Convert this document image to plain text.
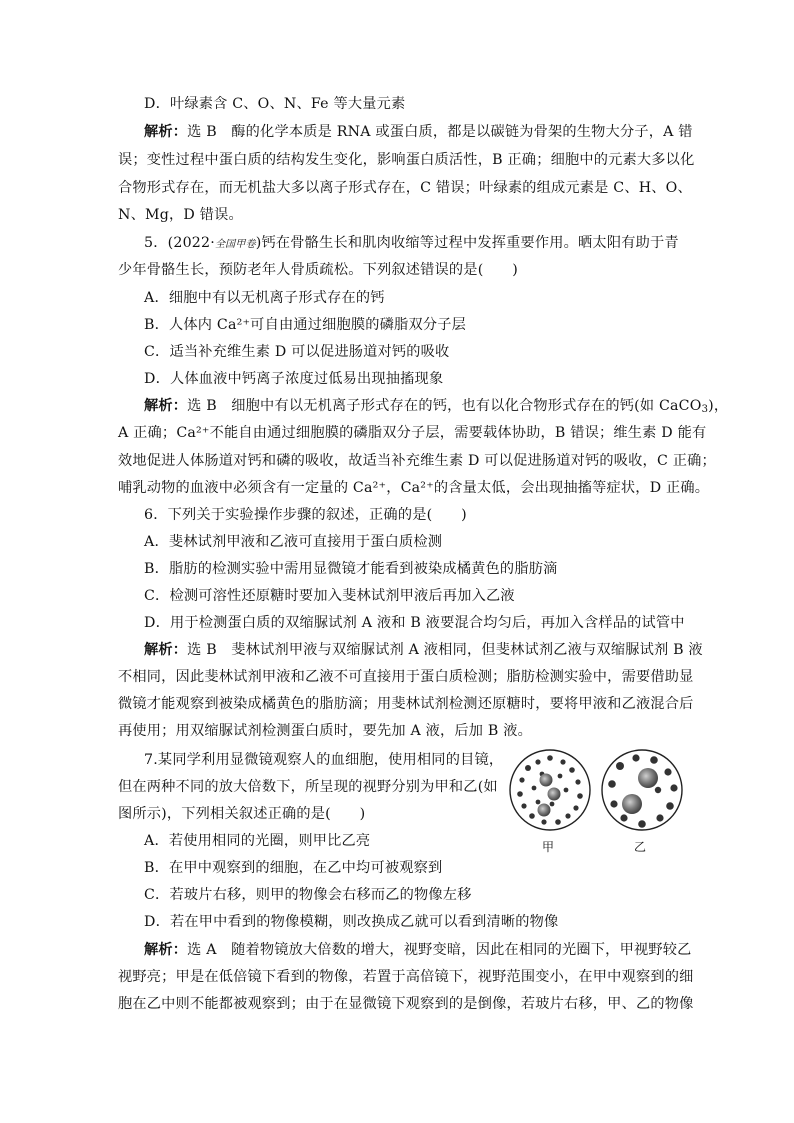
D．叶绿素含 C、O、N、Fe 等大量元素
解析：选 B　酶的化学本质是 RNA 或蛋白质，都是以碳链为骨架的生物大分子，A 错
误；变性过程中蛋白质的结构发生变化，影响蛋白质活性，B 正确；细胞中的元素大多以化
合物形式存在，而无机盐大多以离子形式存在，C 错误；叶绿素的组成元素是 C、H、O、
N、Mg，D 错误。
5．(2022·全国甲卷)钙在骨骼生长和肌肉收缩等过程中发挥重要作用。晒太阳有助于青
少年骨骼生长，预防老年人骨质疏松。下列叙述错误的是(　　)
A．细胞中有以无机离子形式存在的钙
B．人体内 Ca²⁺可自由通过细胞膜的磷脂双分子层
C．适当补充维生素 D 可以促进肠道对钙的吸收
D．人体血液中钙离子浓度过低易出现抽搐现象
解析：选 B　细胞中有以无机离子形式存在的钙，也有以化合物形式存在的钙(如 CaCO$_3$)，
A 正确；Ca²⁺不能自由通过细胞膜的磷脂双分子层，需要载体协助，B 错误；维生素 D 能有
效地促进人体肠道对钙和磷的吸收，故适当补充维生素 D 可以促进肠道对钙的吸收，C 正确；
哺乳动物的血液中必须含有一定量的 Ca²⁺，Ca²⁺的含量太低，会出现抽搐等症状，D 正确。
6．下列关于实验操作步骤的叙述，正确的是(　　)
A．斐林试剂甲液和乙液可直接用于蛋白质检测
B．脂肪的检测实验中需用显微镜才能看到被染成橘黄色的脂肪滴
C．检测可溶性还原糖时要加入斐林试剂甲液后再加入乙液
D．用于检测蛋白质的双缩脲试剂 A 液和 B 液要混合均匀后，再加入含样品的试管中
解析：选 B　斐林试剂甲液与双缩脲试剂 A 液相同，但斐林试剂乙液与双缩脲试剂 B 液
不相同，因此斐林试剂甲液和乙液不可直接用于蛋白质检测；脂肪检测实验中，需要借助显
微镜才能观察到被染成橘黄色的脂肪滴；用斐林试剂检测还原糖时，要将甲液和乙液混合后
再使用；用双缩脲试剂检测蛋白质时，要先加 A 液，后加 B 液。
7.某同学利用显微镜观察人的血细胞，使用相同的目镜，
但在两种不同的放大倍数下，所呈现的视野分别为甲和乙(如
图所示)，下列相关叙述正确的是(　　)
A．若使用相同的光圈，则甲比乙亮
B．在甲中观察到的细胞，在乙中均可被观察到
C．若玻片右移，则甲的物像会右移而乙的物像左移
D．若在甲中看到的物像模糊，则改换成乙就可以看到清晰的物像
解析：选 A　随着物镜放大倍数的增大，视野变暗，因此在相同的光圈下，甲视野较乙
视野亮；甲是在低倍镜下看到的物像，若置于高倍镜下，视野范围变小，在甲中观察到的细
胞在乙中则不能都被观察到；由于在显微镜下观察到的是倒像，若玻片右移，甲、乙的物像
甲	乙
